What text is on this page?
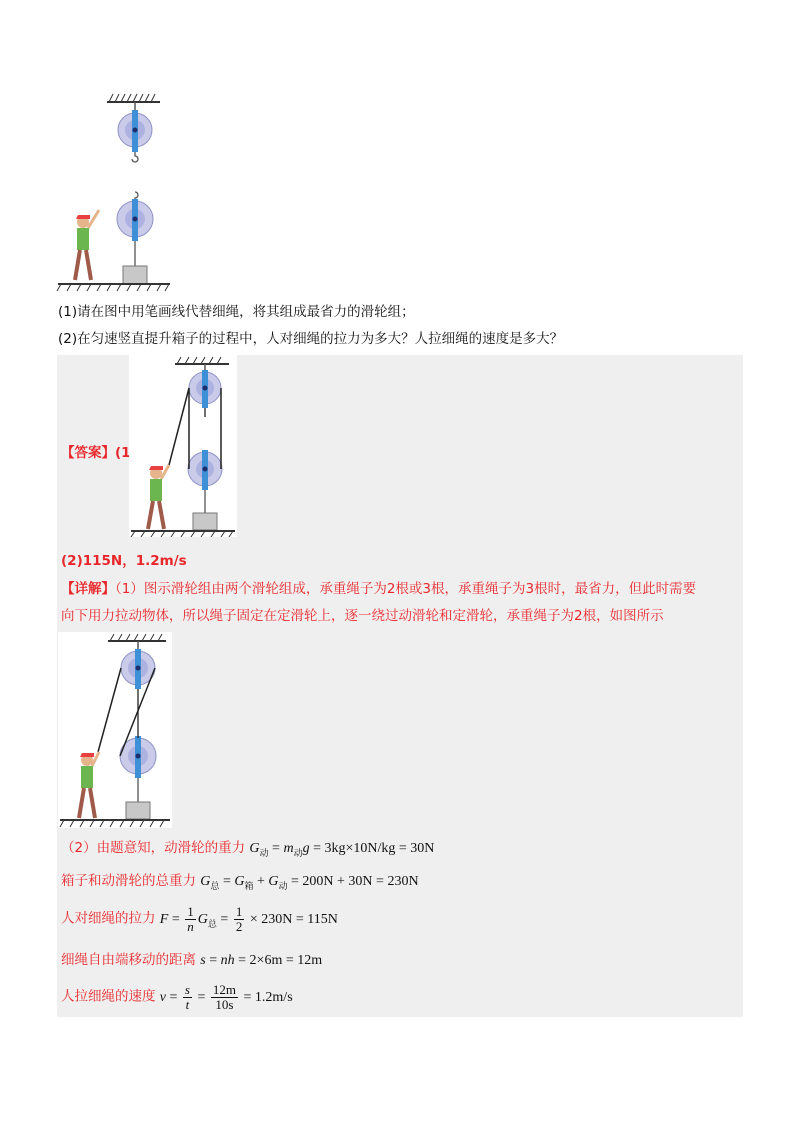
(1)请在图中用笔画线代替细绳，将其组成最省力的滑轮组；
(2)在匀速竖直提升箱子的过程中，人对细绳的拉力为多大？人拉细绳的速度是多大？
【答案】(1)
(2)115N，1.2m/s
【详解】（1）图示滑轮组由两个滑轮组成，承重绳子为2根或3根，承重绳子为3根时，最省力，但此时需要
向下用力拉动物体，所以绳子固定在定滑轮上，逐一绕过动滑轮和定滑轮，承重绳子为2根，如图所示
（2）由题意知，动滑轮的重力 $G_动 = m_动g = 3kg\times 10N/kg = 30N$
箱子和动滑轮的总重力 $G_总 = G_箱 + G_动 = 200N + 30N = 230N$
人对细绳的拉力 $F = \frac{1}{n} G_总 = \frac{1}{2} \times 230N = 115N$
细绳自由端移动的距离 s = nh = 2×6m = 12m
人拉细绳的速度 $v = \frac{s}{t} = \frac{12m}{10s} = 1.2m/s$
